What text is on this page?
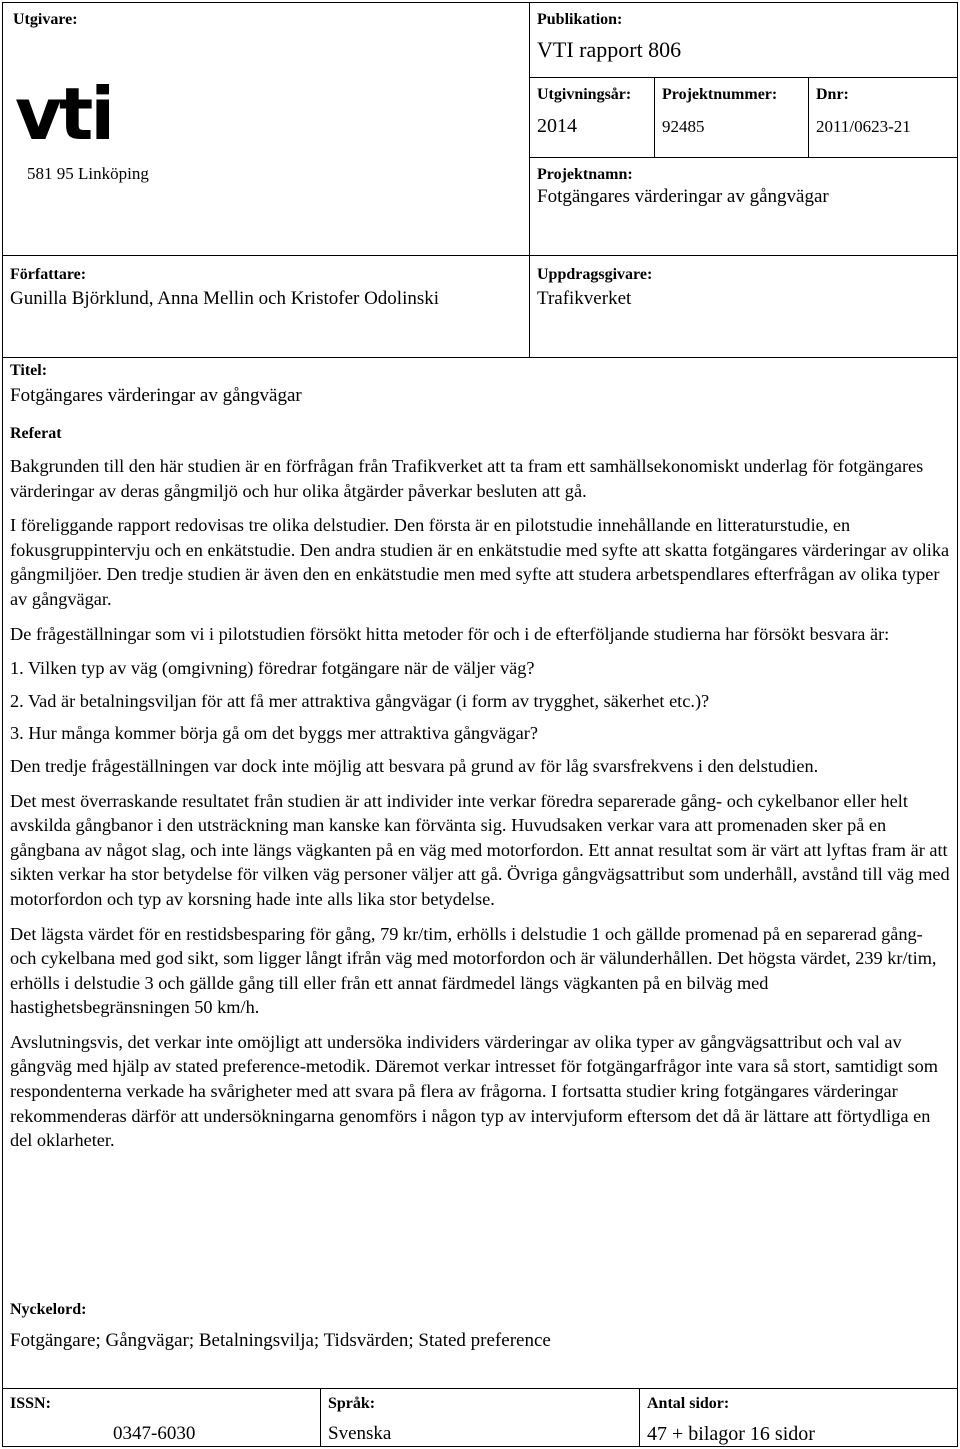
Utgivare:
vti
581 95 Linköping
Publikation:
VTI rapport 806
Utgivningsår:
2014
Projektnummer:
92485
Dnr:
2011/0623-21
Projektnamn:
Fotgängares värderingar av gångvägar
Författare:
Gunilla Björklund, Anna Mellin och Kristofer Odolinski
Uppdragsgivare:
Trafikverket
Titel:
Fotgängares värderingar av gångvägar
Referat

Bakgrunden till den här studien är en förfrågan från Trafikverket att ta fram ett samhällsekonomiskt underlag för fotgängares värderingar av deras gångmiljö och hur olika åtgärder påverkar besluten att gå.

I föreliggande rapport redovisas tre olika delstudier. Den första är en pilotstudie innehållande en litteraturstudie, en fokusgruppintervju och en enkätstudie. Den andra studien är en enkätstudie med syfte att skatta fotgängares värderingar av olika gångmiljöer. Den tredje studien är även den en enkätstudie men med syfte att studera arbetspendlares efterfrågan av olika typer av gångvägar.

De frågeställningar som vi i pilotstudien försökt hitta metoder för och i de efterföljande studierna har försökt besvara är:

1. Vilken typ av väg (omgivning) föredrar fotgängare när de väljer väg?
2. Vad är betalningsviljan för att få mer attraktiva gångvägar (i form av trygghet, säkerhet etc.)?
3. Hur många kommer börja gå om det byggs mer attraktiva gångvägar?

Den tredje frågeställningen var dock inte möjlig att besvara på grund av för låg svarsfrekvens i den delstudien.

Det mest överraskande resultatet från studien är att individer inte verkar föredra separerade gång- och cykelbanor eller helt avskilda gångbanor i den utsträckning man kanske kan förvänta sig. Huvudsaken verkar vara att promenaden sker på en gångbana av något slag, och inte längs vägkanten på en väg med motorfordon. Ett annat resultat som är värt att lyftas fram är att sikten verkar ha stor betydelse för vilken väg personer väljer att gå. Övriga gångvägsattribut som underhåll, avstånd till väg med motorfordon och typ av korsning hade inte alls lika stor betydelse.

Det lägsta värdet för en restidsbesparing för gång, 79 kr/tim, erhölls i delstudie 1 och gällde promenad på en separerad gång- och cykelbana med god sikt, som ligger långt ifrån väg med motorfordon och är välunderhållen. Det högsta värdet, 239 kr/tim, erhölls i delstudie 3 och gällde gång till eller från ett annat färdmedel längs vägkanten på en bilväg med hastighetsbegränsningen 50 km/h.

Avslutningsvis, det verkar inte omöjligt att undersöka individers värderingar av olika typer av gångvägsattribut och val av gångväg med hjälp av stated preference-metodik. Däremot verkar intresset för fotgängarfrågor inte vara så stort, samtidigt som respondenterna verkade ha svårigheter med att svara på flera av frågorna. I fortsatta studier kring fotgängares värderingar rekommenderas därför att undersökningarna genomförs i någon typ av intervjuform eftersom det då är lättare att förtydliga en del oklarheter.

Nyckelord:
Fotgängare; Gångvägar; Betalningsvilja; Tidsvärden; Stated preference
ISSN:
0347-6030
Språk:
Svenska
Antal sidor:
47 + bilagor 16 sidor
